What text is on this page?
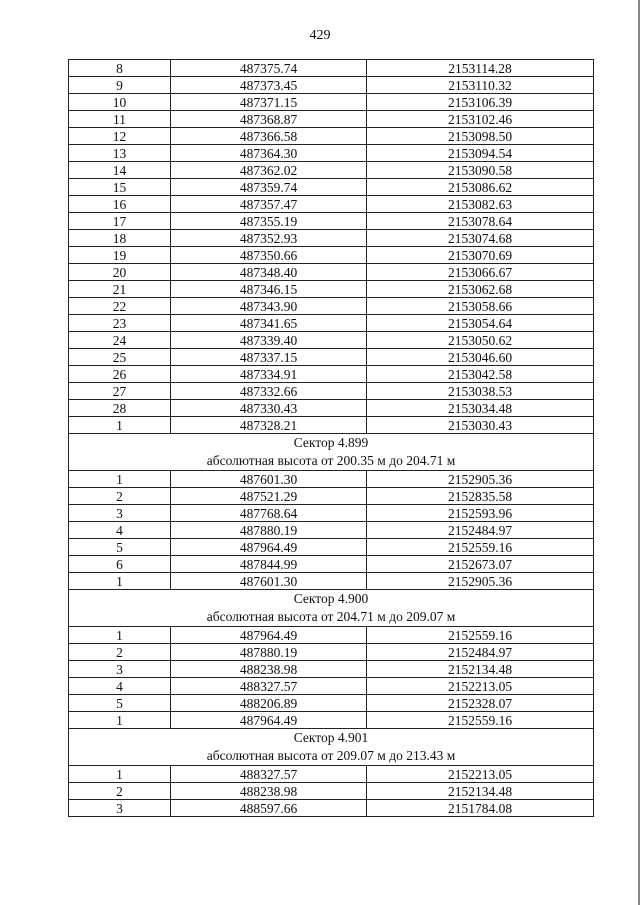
429
8	487375.74	2153114.28
9	487373.45	2153110.32
10	487371.15	2153106.39
11	487368.87	2153102.46
12	487366.58	2153098.50
13	487364.30	2153094.54
14	487362.02	2153090.58
15	487359.74	2153086.62
16	487357.47	2153082.63
17	487355.19	2153078.64
18	487352.93	2153074.68
19	487350.66	2153070.69
20	487348.40	2153066.67
21	487346.15	2153062.68
22	487343.90	2153058.66
23	487341.65	2153054.64
24	487339.40	2153050.62
25	487337.15	2153046.60
26	487334.91	2153042.58
27	487332.66	2153038.53
28	487330.43	2153034.48
1	487328.21	2153030.43

Сектор 4.899
абсолютная высота от 200.35 м до 204.71 м		

1	487601.30	2152905.36
2	487521.29	2152835.58
3	487768.64	2152593.96
4	487880.19	2152484.97
5	487964.49	2152559.16
6	487844.99	2152673.07
1	487601.30	2152905.36

Сектор 4.900
абсолютная высота от 204.71 м до 209.07 м		

1	487964.49	2152559.16
2	487880.19	2152484.97
3	488238.98	2152134.48
4	488327.57	2152213.05
5	488206.89	2152328.07
1	487964.49	2152559.16

Сектор 4.901
абсолютная высота от 209.07 м до 213.43 м		

1	488327.57	2152213.05
2	488238.98	2152134.48
3	488597.66	2151784.08
